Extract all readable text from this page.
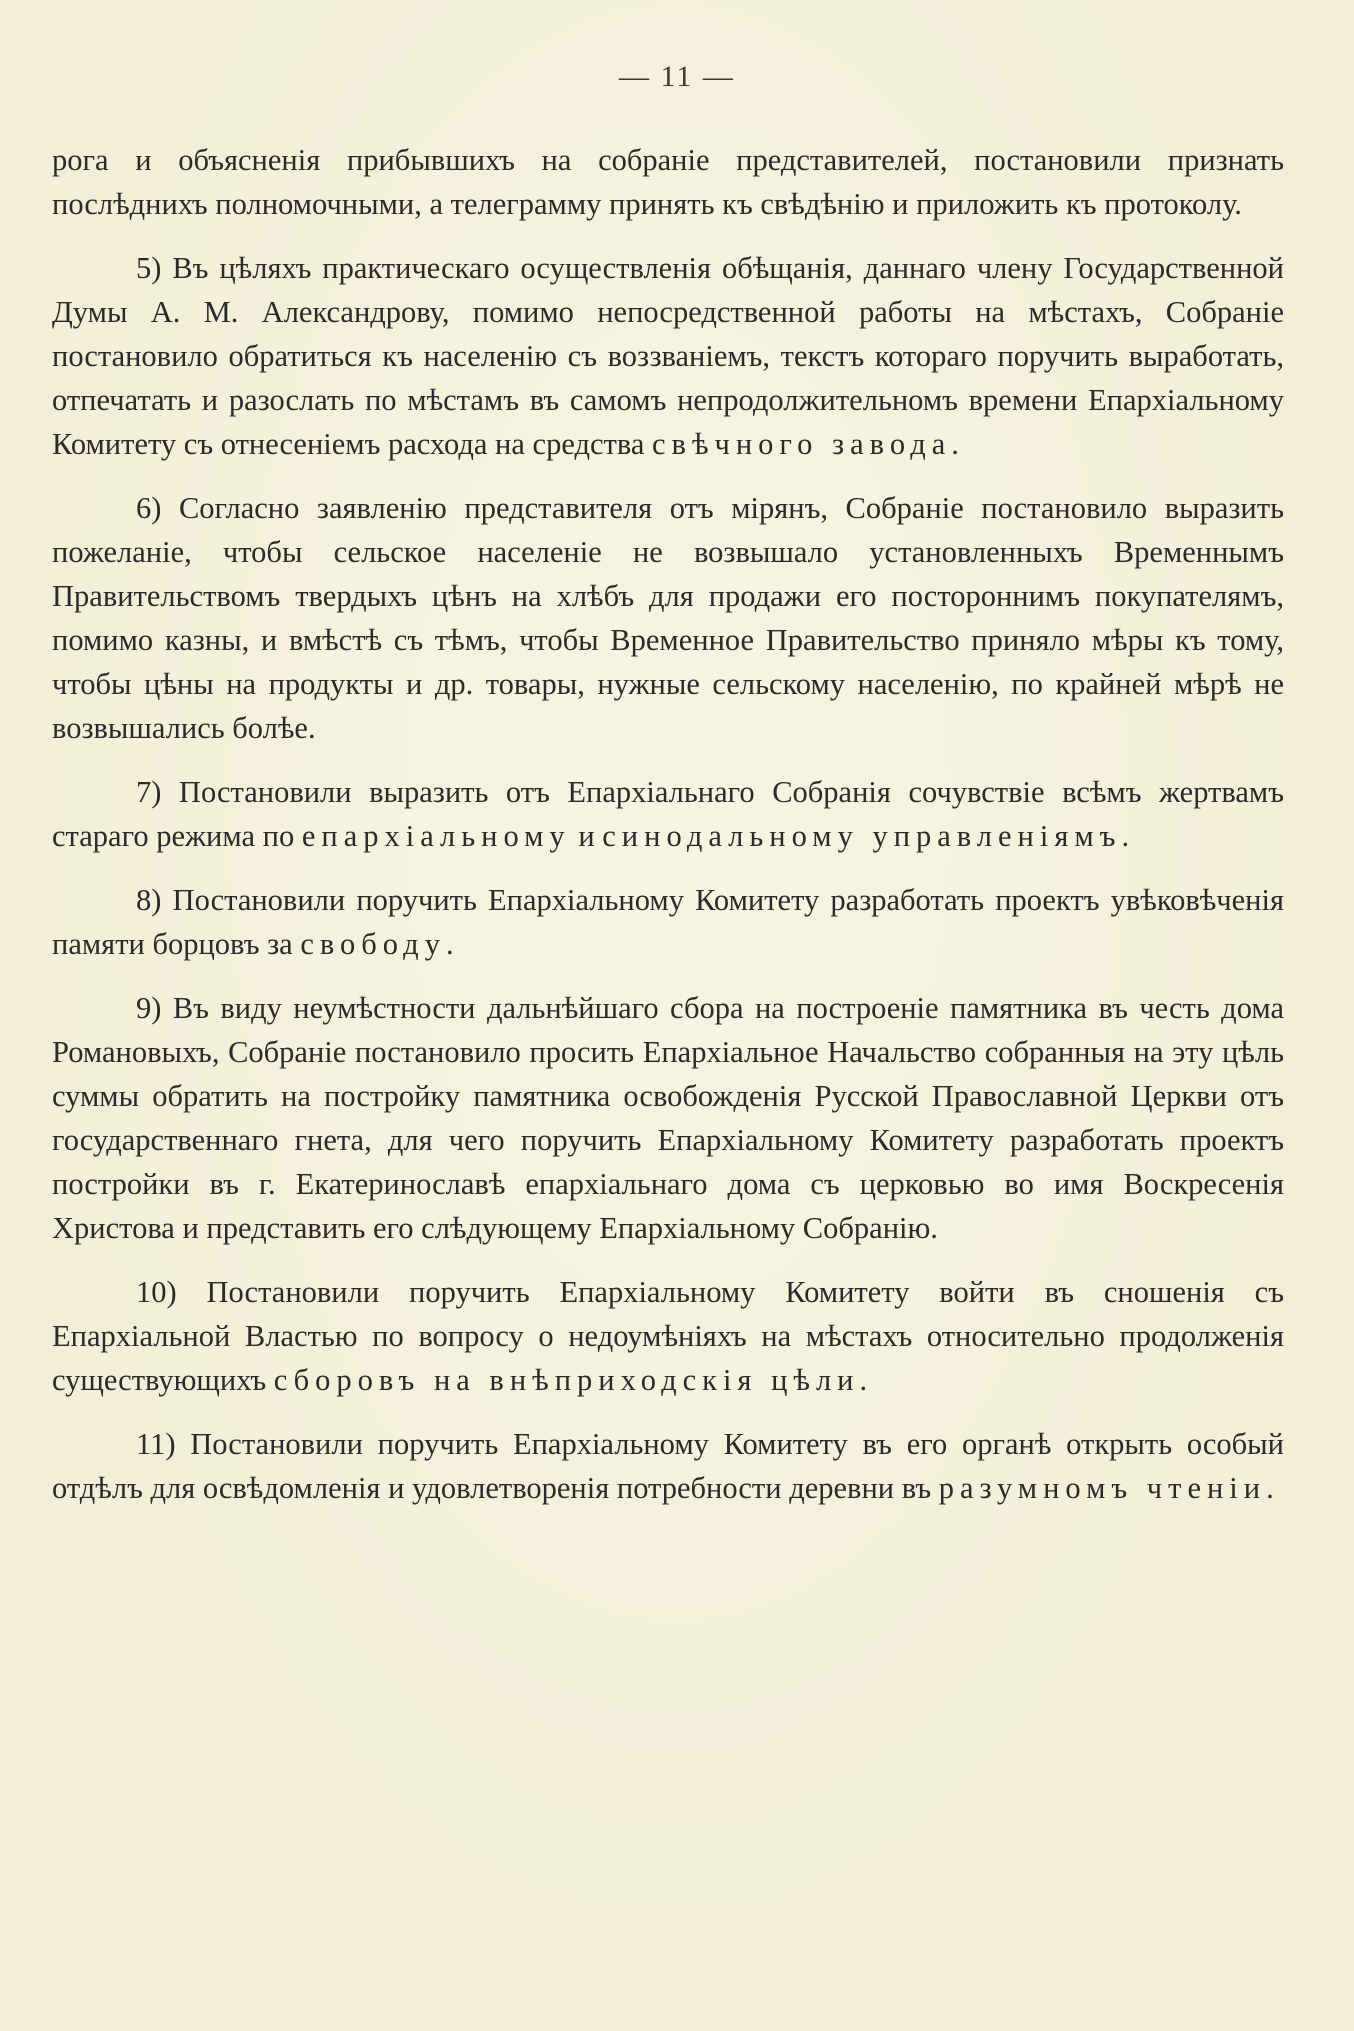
— 11 —

рога и объясненія прибывшихъ на собраніе представителей, постановили признать послѣднихъ полномочными, а телеграмму принять къ свѣдѣнію и приложить къ протоколу.

5) Въ цѣляхъ практическаго осуществленія обѣщанія, даннаго члену Государственной Думы А. М. Александрову, помимо непосредственной работы на мѣстахъ, Собраніе постановило обратиться къ населенію съ воззваніемъ, текстъ котораго поручить выработать, отпечатать и разослать по мѣстамъ въ самомъ непродолжительномъ времени Епархіальному Комитету съ отнесеніемъ расхода на средства свѣчного завода.

6) Согласно заявленію представителя отъ мірянъ, Собраніе постановило выразить пожеланіе, чтобы сельское населеніе не возвышало установленныхъ Временнымъ Правительствомъ твердыхъ цѣнъ на хлѣбъ для продажи его постороннимъ покупателямъ, помимо казны, и вмѣстѣ съ тѣмъ, чтобы Временное Правительство приняло мѣры къ тому, чтобы цѣны на продукты и др. товары, нужные сельскому населенію, по крайней мѣрѣ не возвышались болѣе.

7) Постановили выразить отъ Епархіальнаго Собранія сочувствіе всѣмъ жертвамъ стараго режима по епархіальному и синодальному управленіямъ.

8) Постановили поручить Епархіальному Комитету разработать проектъ увѣковѣченія памяти борцовъ за свободу.

9) Въ виду неумѣстности дальнѣйшаго сбора на построеніе памятника въ честь дома Романовыхъ, Собраніе постановило просить Епархіальное Начальство собранныя на эту цѣль суммы обратить на постройку памятника освобожденія Русской Православной Церкви отъ государственнаго гнета, для чего поручить Епархіальному Комитету разработать проектъ постройки въ г. Екатеринославѣ епархіальнаго дома съ церковью во имя Воскресенія Христова и представить его слѣдующему Епархіальному Собранію.

10) Постановили поручить Епархіальному Комитету войти въ сношенія съ Епархіальной Властью по вопросу о недоумѣніяхъ на мѣстахъ относительно продолженія существующихъ сборовъ на внѣприходскія цѣли.

11) Постановили поручить Епархіальному Комитету въ его органѣ открыть особый отдѣлъ для освѣдомленія и удовлетворенія потребности деревни въ разумномъ чтеніи.
